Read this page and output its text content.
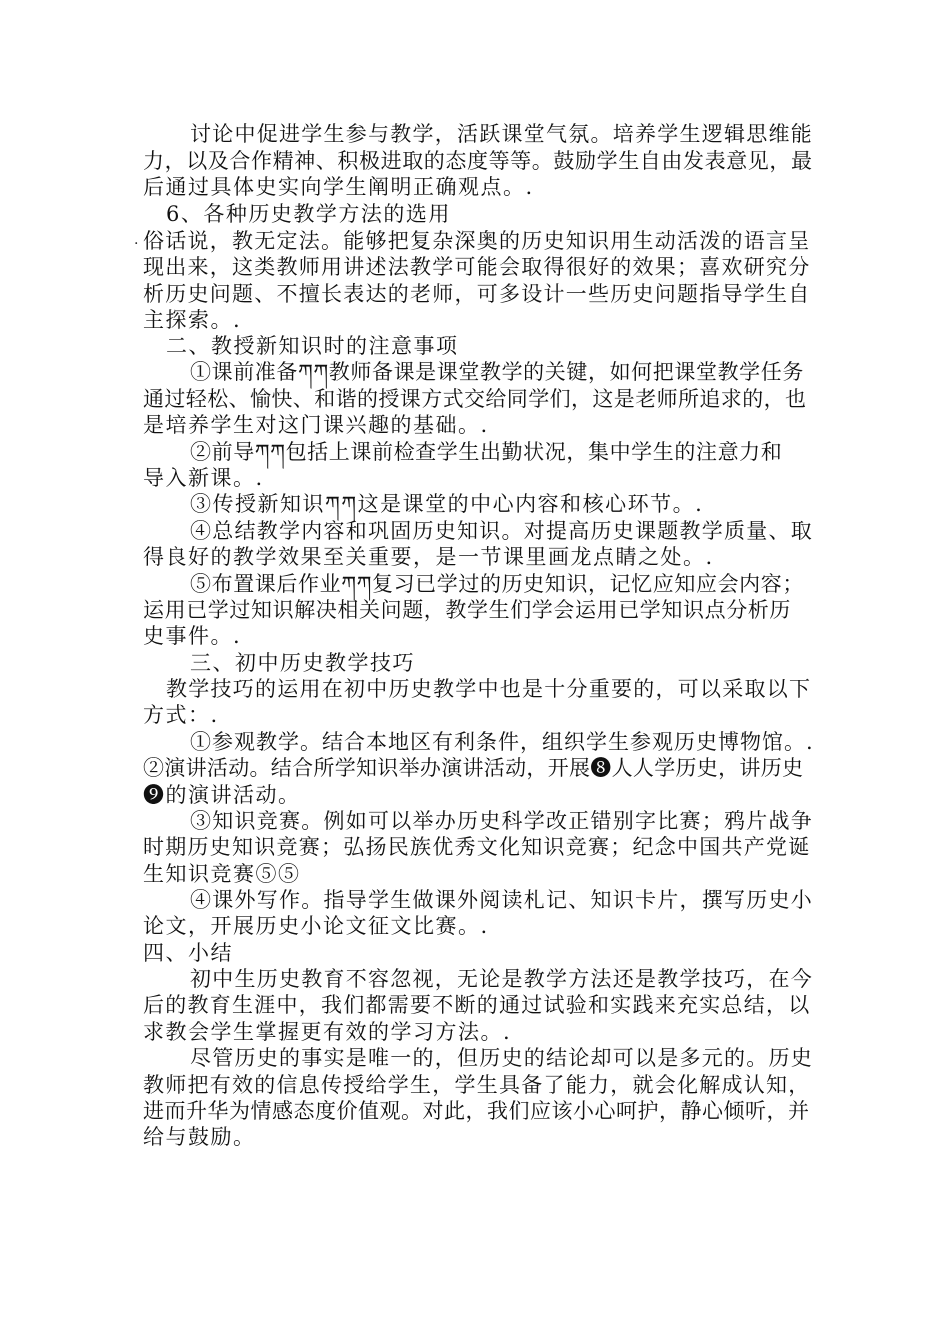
讨论中促进学生参与教学，活跃课堂气氛。培养学生逻辑思维能
力，以及合作精神、积极进取的态度等等。鼓励学生自由发表意见，最
后通过具体史实向学生阐明正确观点。.
6、各种历史教学方法的选用
. 俗话说，教无定法。能够把复杂深奥的历史知识用生动活泼的语言呈
现出来，这类教师用讲述法教学可能会取得很好的效果；喜欢研究分
析历史问题、不擅长表达的老师，可多设计一些历史问题指导学生自
主探索。.
二、教授新知识时的注意事项
①课前准备ཀཀ教师备课是课堂教学的关键，如何把课堂教学任务
通过轻松、愉快、和谐的授课方式交给同学们，这是老师所追求的，也
是培养学生对这门课兴趣的基础。.
②前导ཀཀ包括上课前检查学生出勤状况，集中学生的注意力和
导入新课。.
③传授新知识ཀཀ这是课堂的中心内容和核心环节。.
④总结教学内容和巩固历史知识。对提高历史课题教学质量、取
得良好的教学效果至关重要，是一节课里画龙点睛之处。.
⑤布置课后作业ཀཀ复习已学过的历史知识，记忆应知应会内容；
运用已学过知识解决相关问题，教学生们学会运用已学知识点分析历
史事件。.
三、初中历史教学技巧
教学技巧的运用在初中历史教学中也是十分重要的，可以采取以下
方式：.
①参观教学。结合本地区有利条件，组织学生参观历史博物馆。.
②演讲活动。结合所学知识举办演讲活动，开展❽人人学历史，讲历史
❾的演讲活动。
③知识竞赛。例如可以举办历史科学改正错别字比赛；鸦片战争
时期历史知识竞赛；弘扬民族优秀文化知识竞赛；纪念中国共产党诞
生知识竞赛⑤⑤
④课外写作。指导学生做课外阅读札记、知识卡片，撰写历史小
论文，开展历史小论文征文比赛。.
四、小结
初中生历史教育不容忽视，无论是教学方法还是教学技巧，在今
后的教育生涯中，我们都需要不断的通过试验和实践来充实总结，以
求教会学生掌握更有效的学习方法。.
尽管历史的事实是唯一的，但历史的结论却可以是多元的。历史
教师把有效的信息传授给学生，学生具备了能力，就会化解成认知，
进而升华为情感态度价值观。对此，我们应该小心呵护，静心倾听，并
给与鼓励。
